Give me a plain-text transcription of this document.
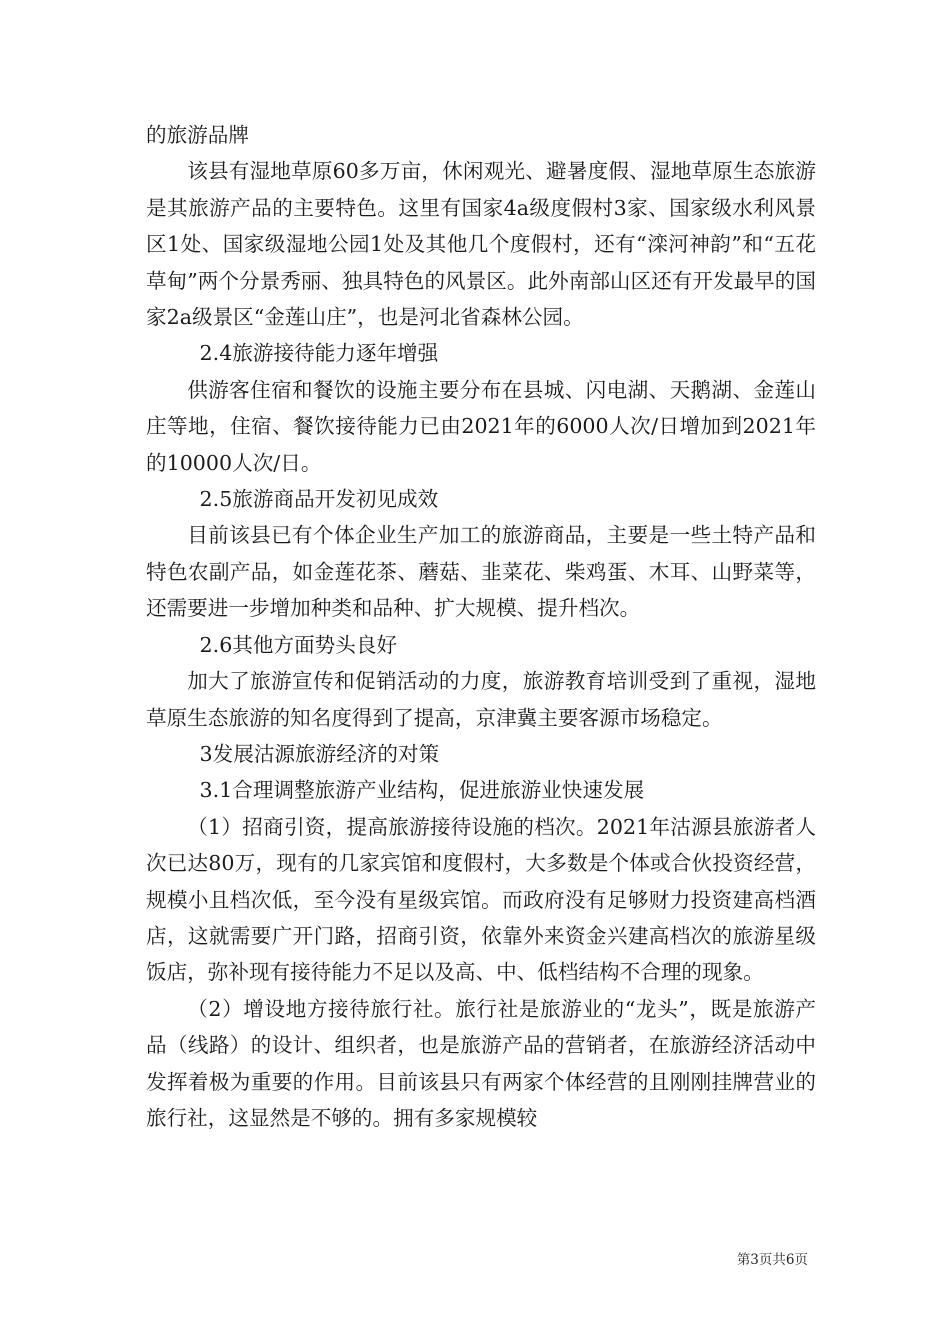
的旅游品牌

该县有湿地草原60多万亩，休闲观光、避暑度假、湿地草原生态旅游是其旅游产品的主要特色。这里有国家4a级度假村3家、国家级水利风景区1处、国家级湿地公园1处及其他几个度假村，还有“滦河神韵”和“五花草甸”两个分景秀丽、独具特色的风景区。此外南部山区还有开发最早的国家2a级景区“金莲山庄”，也是河北省森林公园。

2.4旅游接待能力逐年增强

供游客住宿和餐饮的设施主要分布在县城、闪电湖、天鹅湖、金莲山庄等地，住宿、餐饮接待能力已由2021年的6000人次/日增加到2021年的10000人次/日。

2.5旅游商品开发初见成效

目前该县已有个体企业生产加工的旅游商品，主要是一些土特产品和特色农副产品，如金莲花茶、蘑菇、韭菜花、柴鸡蛋、木耳、山野菜等，还需要进一步增加种类和品种、扩大规模、提升档次。

2.6其他方面势头良好

加大了旅游宣传和促销活动的力度，旅游教育培训受到了重视，湿地草原生态旅游的知名度得到了提高，京津冀主要客源市场稳定。

3发展沽源旅游经济的对策

3.1合理调整旅游产业结构，促进旅游业快速发展

（1）招商引资，提高旅游接待设施的档次。2021年沽源县旅游者人次已达80万，现有的几家宾馆和度假村，大多数是个体或合伙投资经营，规模小且档次低，至今没有星级宾馆。而政府没有足够财力投资建高档酒店，这就需要广开门路，招商引资，依靠外来资金兴建高档次的旅游星级饭店，弥补现有接待能力不足以及高、中、低档结构不合理的现象。

（2）增设地方接待旅行社。旅行社是旅游业的“龙头”，既是旅游产品（线路）的设计、组织者，也是旅游产品的营销者，在旅游经济活动中发挥着极为重要的作用。目前该县只有两家个体经营的且刚刚挂牌营业的旅行社，这显然是不够的。拥有多家规模较

第3页共6页
